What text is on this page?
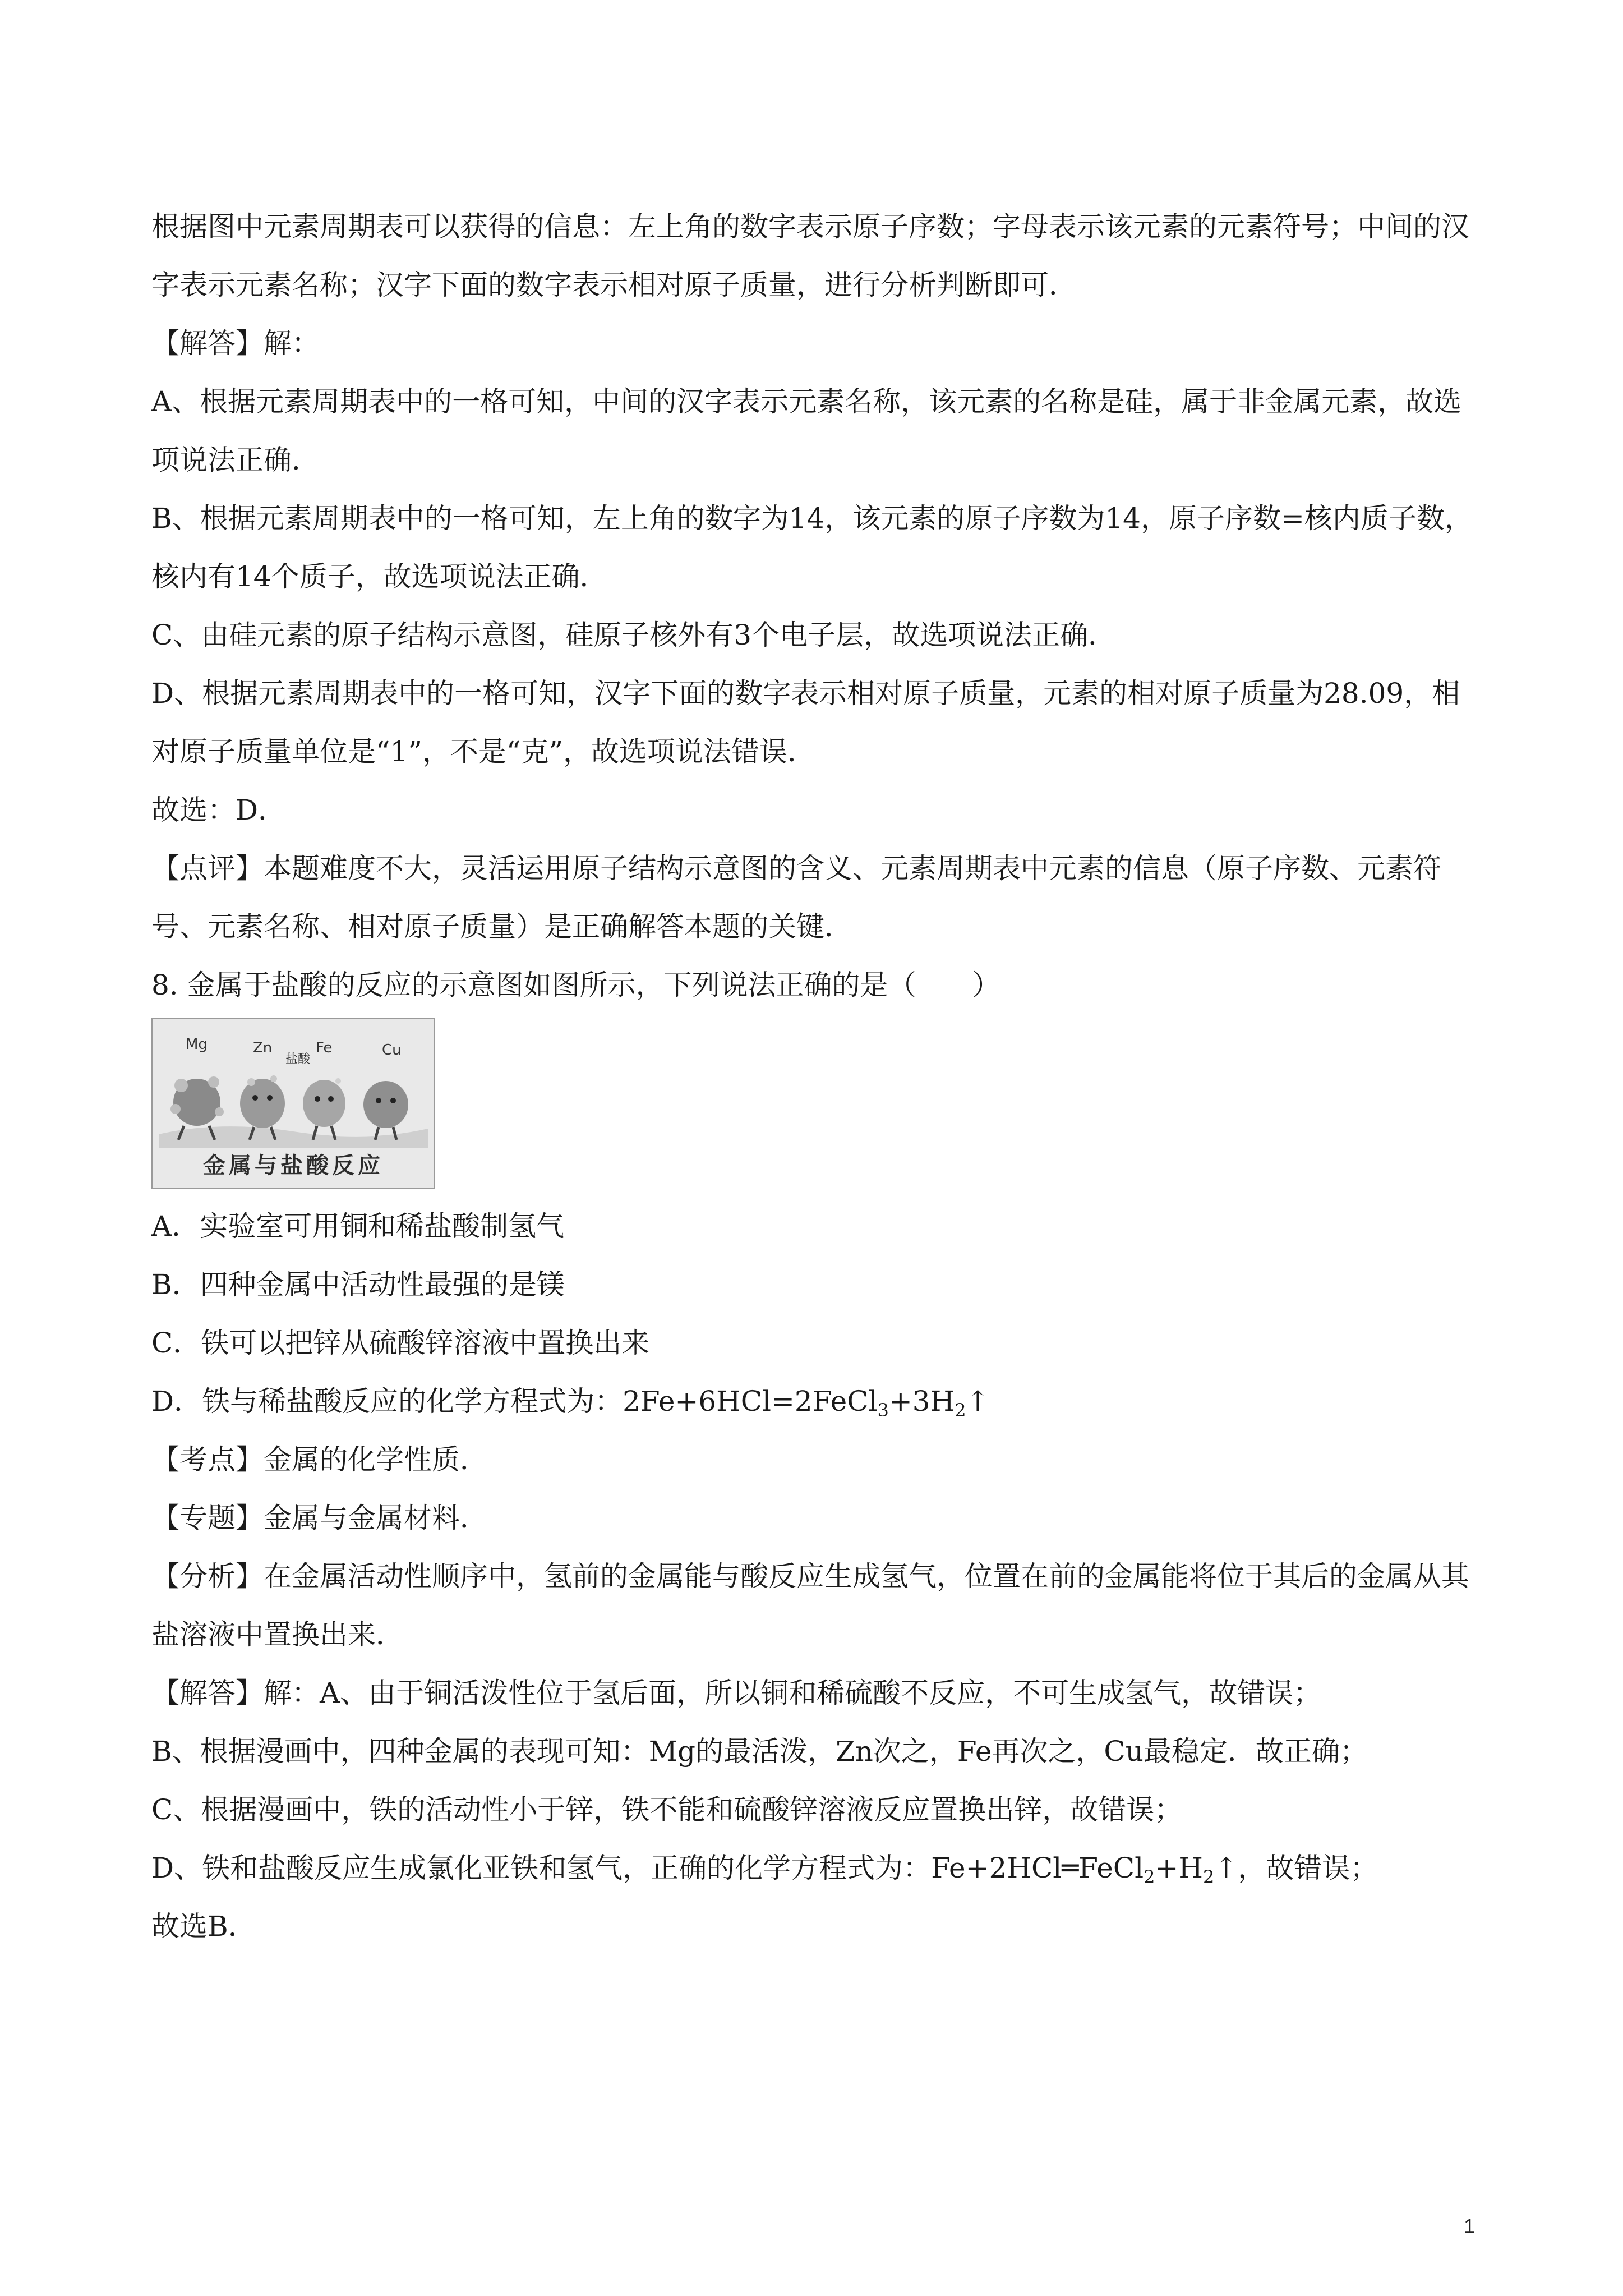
根据图中元素周期表可以获得的信息：左上角的数字表示原子序数；字母表示该元素的元素符号；中间的汉字表示元素名称；汉字下面的数字表示相对原子质量，进行分析判断即可．

【解答】解：

A、根据元素周期表中的一格可知，中间的汉字表示元素名称，该元素的名称是硅，属于非金属元素，故选项说法正确．

B、根据元素周期表中的一格可知，左上角的数字为14，该元素的原子序数为14，原子序数=核内质子数，核内有14个质子，故选项说法正确．

C、由硅元素的原子结构示意图，硅原子核外有3个电子层，故选项说法正确．

D、根据元素周期表中的一格可知，汉字下面的数字表示相对原子质量，元素的相对原子质量为28.09，相对原子质量单位是“1”，不是“克”，故选项说法错误．

故选：D．

【点评】本题难度不大，灵活运用原子结构示意图的含义、元素周期表中元素的信息（原子序数、元素符号、元素名称、相对原子质量）是正确解答本题的关键．

8. 金属于盐酸的反应的示意图如图所示，下列说法正确的是（　　）

Mg	Zn
盐酸
Fe	Cu
金属与盐酸反应

A．实验室可用铜和稀盐酸制氢气

B．四种金属中活动性最强的是镁

C．铁可以把锌从硫酸锌溶液中置换出来

D．铁与稀盐酸反应的化学方程式为：$2Fe+6HCl=2FeCl_3+3H_2↑$

【考点】金属的化学性质．

【专题】金属与金属材料．

【分析】在金属活动性顺序中，氢前的金属能与酸反应生成氢气，位置在前的金属能将位于其后的金属从其盐溶液中置换出来．

【解答】解：A、由于铜活泼性位于氢后面，所以铜和稀硫酸不反应，不可生成氢气，故错误；

B、根据漫画中，四种金属的表现可知：Mg的最活泼，Zn次之，Fe再次之，Cu最稳定．故正确；

C、根据漫画中，铁的活动性小于锌，铁不能和硫酸锌溶液反应置换出锌，故错误；

D、铁和盐酸反应生成氯化亚铁和氢气，正确的化学方程式为：$Fe+2HCl═FeCl_2+H_2↑$，故错误；

故选B．

1
